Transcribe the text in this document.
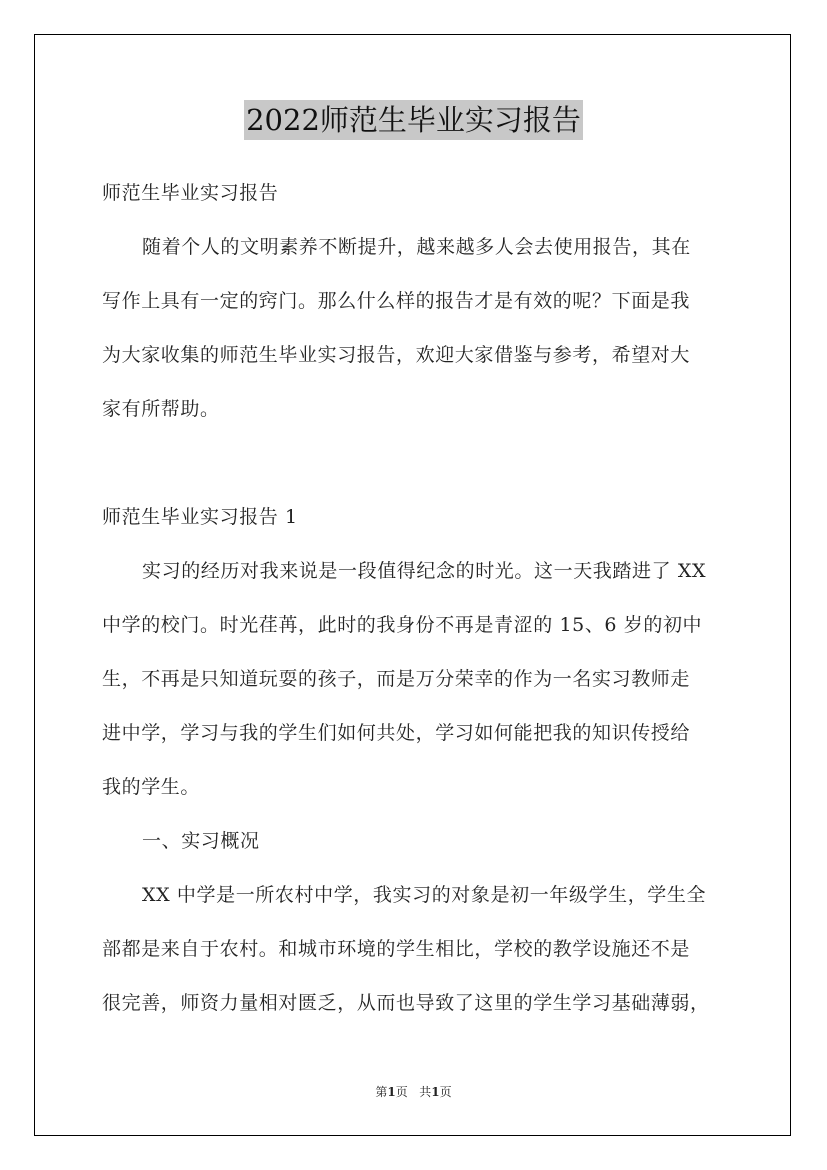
2022师范生毕业实习报告
师范生毕业实习报告
随着个人的文明素养不断提升，越来越多人会去使用报告，其在
写作上具有一定的窍门。那么什么样的报告才是有效的呢？下面是我
为大家收集的师范生毕业实习报告，欢迎大家借鉴与参考，希望对大
家有所帮助。
师范生毕业实习报告 1
实习的经历对我来说是一段值得纪念的时光。这一天我踏进了 XX
中学的校门。时光荏苒，此时的我身份不再是青涩的 15、6 岁的初中
生，不再是只知道玩耍的孩子，而是万分荣幸的作为一名实习教师走
进中学，学习与我的学生们如何共处，学习如何能把我的知识传授给
我的学生。
一、实习概况
XX 中学是一所农村中学，我实习的对象是初一年级学生，学生全
部都是来自于农村。和城市环境的学生相比，学校的教学设施还不是
很完善，师资力量相对匮乏，从而也导致了这里的学生学习基础薄弱，
第1页 共1页
